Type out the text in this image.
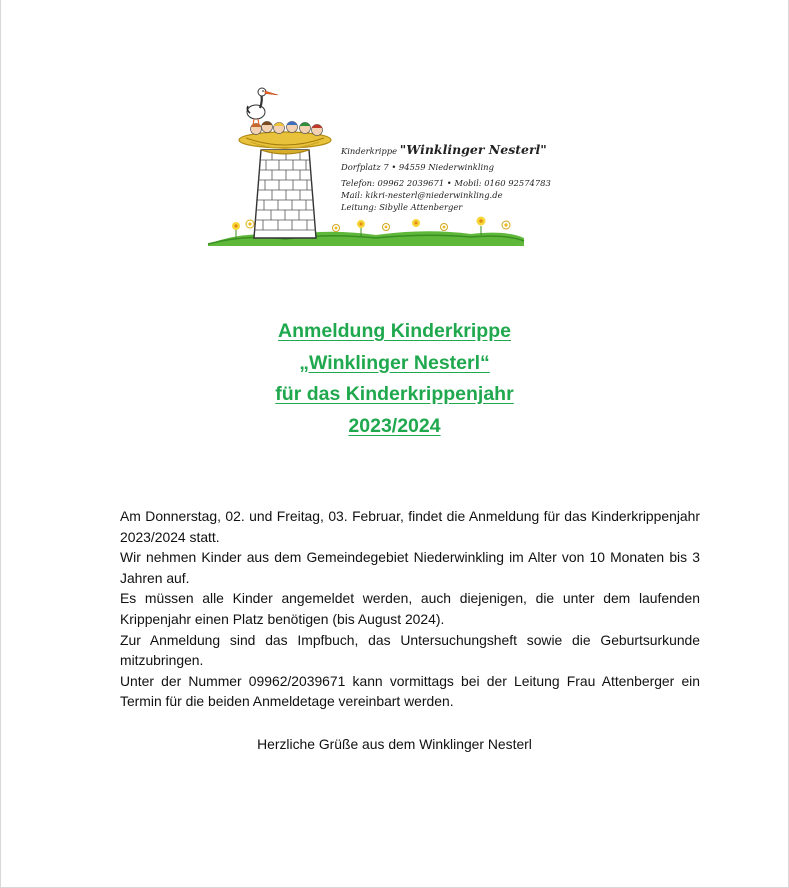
Kinderkrippe "Winklinger Nesterl"
Dorfplatz 7 • 94559 Niederwinkling
Telefon: 09962 2039671 • Mobil: 0160 92574783
Mail: kikri-nesterl@niederwinkling.de
Leitung: Sibylle Attenberger
Anmeldung Kinderkrippe
„Winklinger Nesterl“
für das Kinderkrippenjahr
2023/2024

Am Donnerstag, 02. und Freitag, 03. Februar, findet die Anmeldung für das Kinderkrippenjahr 2023/2024 statt.

Wir nehmen Kinder aus dem Gemeindegebiet Niederwinkling im Alter von 10 Monaten bis 3 Jahren auf.

Es müssen alle Kinder angemeldet werden, auch diejenigen, die unter dem laufenden Krippenjahr einen Platz benötigen (bis August 2024).

Zur Anmeldung sind das Impfbuch, das Untersuchungsheft sowie die Geburtsurkunde mitzubringen.

Unter der Nummer 09962/2039671 kann vormittags bei der Leitung Frau Attenberger ein Termin für die beiden Anmeldetage vereinbart werden.

Herzliche Grüße aus dem Winklinger Nesterl
